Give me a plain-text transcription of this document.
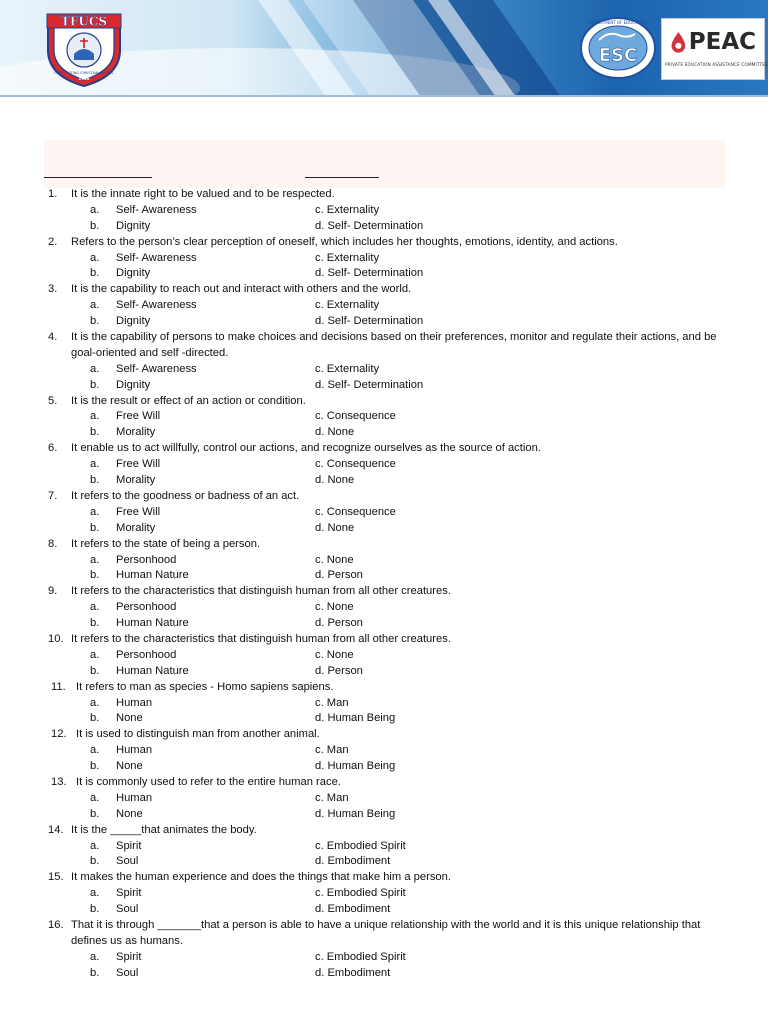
TFUCS
FIRST UNITING CHRISTIAN SCHOOL
1936
ESC
DEPARTMENT OF EDUCATION
PEAC
PRIVATE EDUCATION ASSISTANCE COMMITTEE
1. It is the innate right to be valued and to be respected.
a. Self- Awareness	c. Externality
b. Dignity	d. Self- Determination
2. Refers to the person’s clear perception of oneself, which includes her thoughts, emotions, identity, and actions.
a. Self- Awareness	c. Externality
b. Dignity	d. Self- Determination
3. It is the capability to reach out and interact with others and the world.
a. Self- Awareness	c. Externality
b. Dignity	d. Self- Determination
4. It is the capability of persons to make choices and decisions based on their preferences, monitor and regulate their actions, and be goal-oriented and self -directed.
a. Self- Awareness	c. Externality
b. Dignity	d. Self- Determination
5. It is the result or effect of an action or condition.
a. Free Will	c. Consequence
b. Morality	d. None
6. It enable us to act willfully, control our actions, and recognize ourselves as the source of action.
a. Free Will	c. Consequence
b. Morality	d. None
7. It refers to the goodness or badness of an act.
a. Free Will	c. Consequence
b. Morality	d. None
8. It refers to the state of being a person.
a. Personhood	c. None
b. Human Nature	d. Person
9. It refers to the characteristics that distinguish human from all other creatures.
a. Personhood	c. None
b. Human Nature	d. Person
10. It refers to the characteristics that distinguish human from all other creatures.
a. Personhood	c. None
b. Human Nature	d. Person
11. It refers to man as species - Homo sapiens sapiens.
a. Human	c. Man
b. None	d. Human Being
12. It is used to distinguish man from another animal.
a. Human	c. Man
b. None	d. Human Being
13. It is commonly used to refer to the entire human race.
a. Human	c. Man
b. None	d. Human Being
14. It is the _____that animates the body.
a. Spirit	c. Embodied Spirit
b. Soul	d. Embodiment
15. It makes the human experience and does the things that make him a person.
a. Spirit	c. Embodied Spirit
b. Soul	d. Embodiment
16. That it is through _______that a person is able to have a unique relationship with the world and it is this unique relationship that defines us as humans.
a. Spirit	c. Embodied Spirit
b. Soul	d. Embodiment
